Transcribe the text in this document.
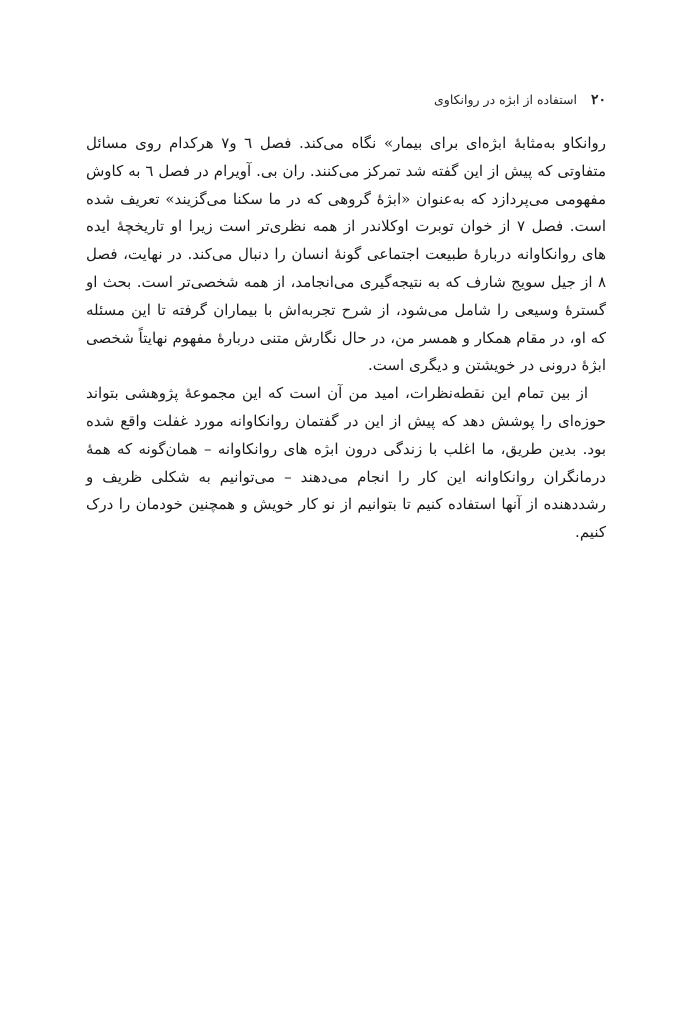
۲۰
استفاده از ابژه در روانکاوی

روانکاو به‌مثابهٔ ابژه‌ای برای بیمار» نگاه می‌کند. فصل ٦ و۷ هرکدام روی مسائل متفاوتی که پیش از این گفته شد تمرکز می‌کنند. ران بی. آویرام در فصل ٦ به کاوش مفهومی می‌پردازد که به‌عنوان «ابژهٔ گروهی که در ما سکنا می‌گزیند» تعریف شده است. فصل ۷ از خوان تو‌برت اوکلاندر از همه نظری‌تر است زیرا او تاریخچهٔ ایده های روانکاوانه دربارهٔ طبیعت اجتماعی گونهٔ انسان را دنبال می‌کند. در نهایت، فصل ۸ از جیل سویج شارف که به نتیجه‌گیری می‌انجامد، از همه شخصی‌تر است. بحث او گسترهٔ وسیعی را شامل می‌شود، از شرح تجربه‌اش با بیماران گرفته تا این مسئله که او، در مقام همکار و همسر من، در حال نگارش متنی دربارهٔ مفهوم نهایتاً شخصی ابژهٔ درونی در خویشتن و دیگری است.

از بین تمام این نقطه‌نظرات، امید من آن است که این مجموعهٔ پژوهشی بتواند حوزه‌ای را پوشش دهد که پیش از این در گفتمان روانکاوانه مورد غفلت واقع شده بود. بدین طریق، ما اغلب با زندگی درون ابژه های روانکاوانه – همان‌گونه که همهٔ درمانگران روانکاوانه این کار را انجام می‌دهند – می‌توانیم به شکلی ظریف و رشددهنده از آنها استفاده کنیم تا بتوانیم از نو کار خویش و همچنین خودمان را درک کنیم.
